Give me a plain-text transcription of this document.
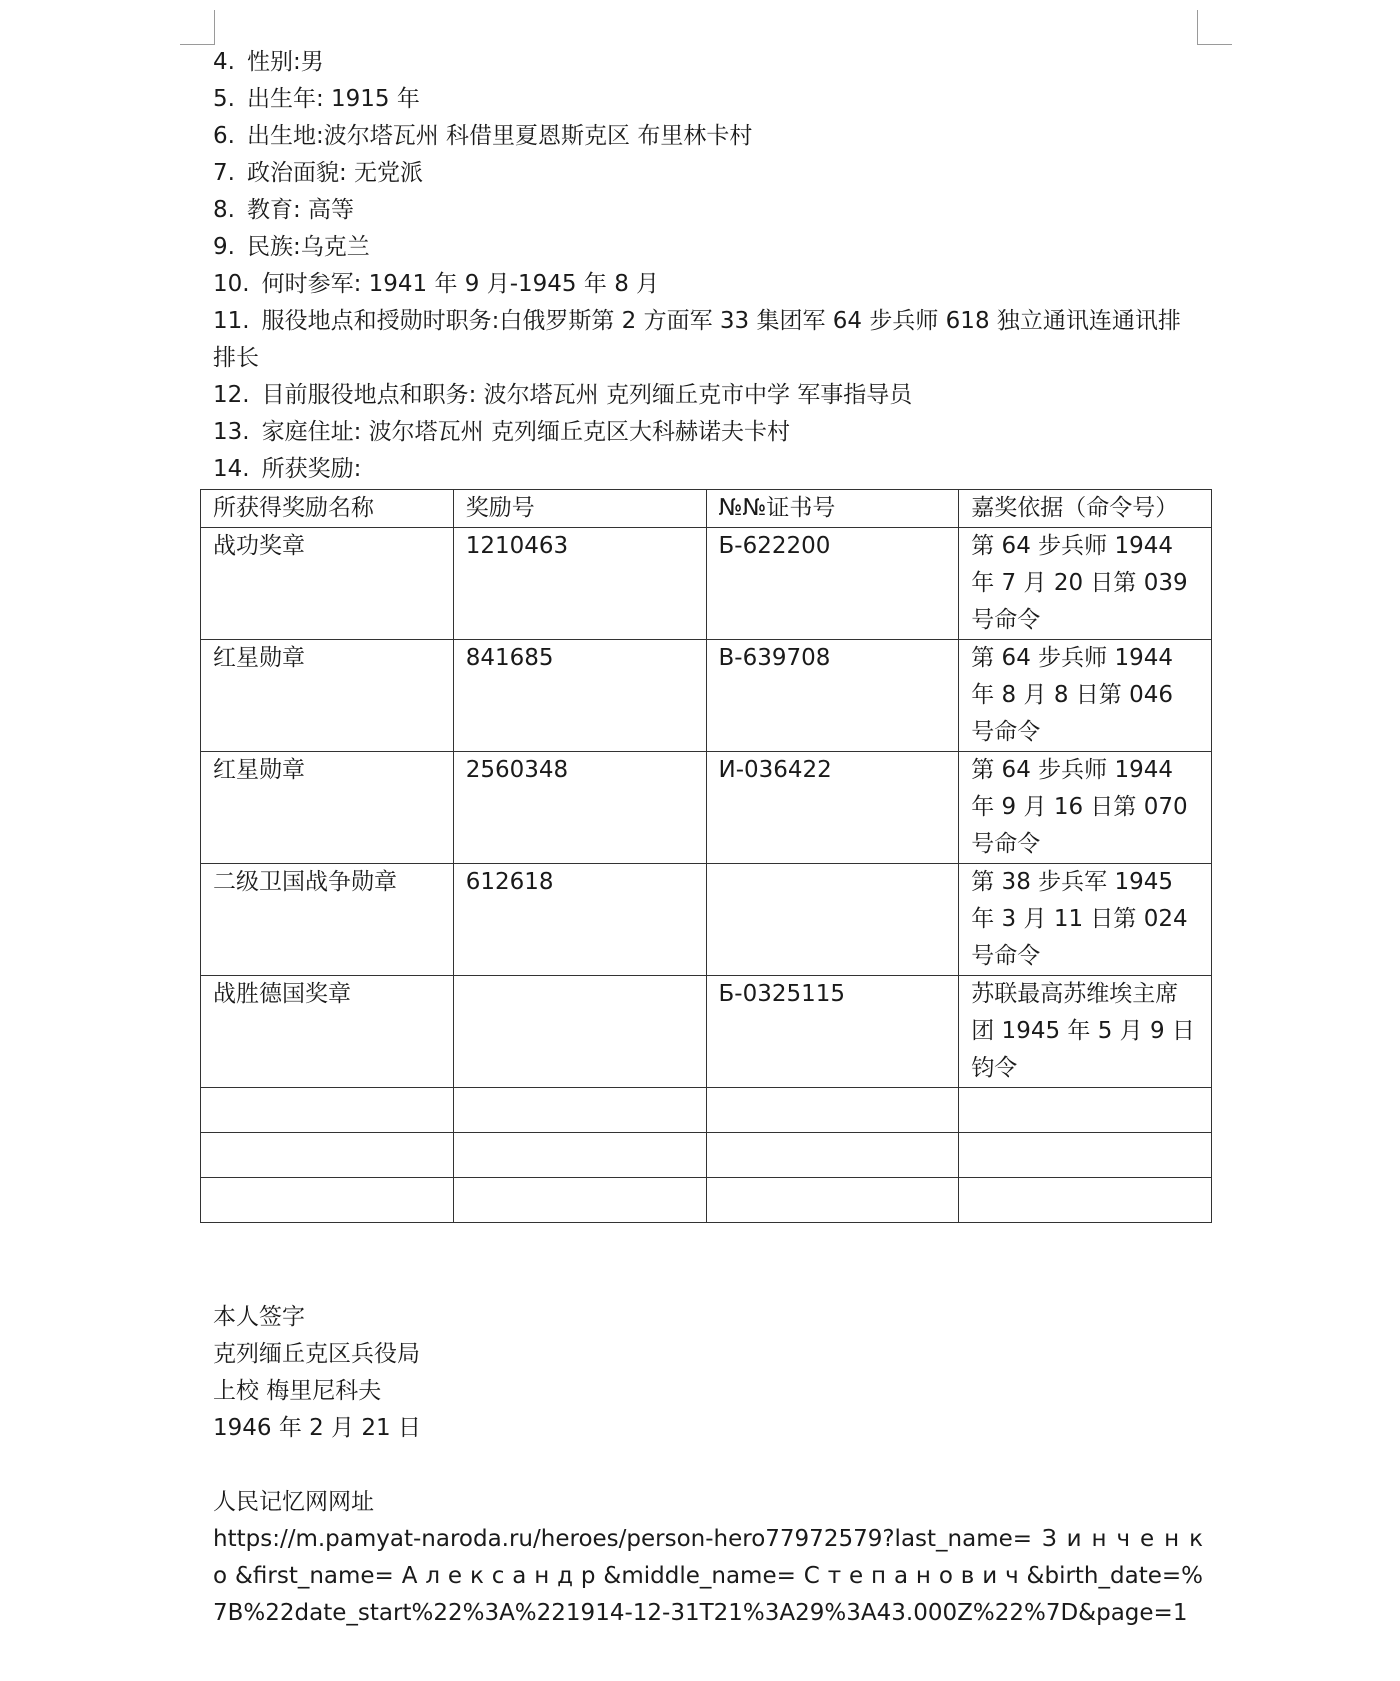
4. 性别:男
5. 出生年: 1915 年
6. 出生地:波尔塔瓦州 科借里夏恩斯克区 布里林卡村
7. 政治面貌: 无党派
8. 教育: 高等
9. 民族:乌克兰
10. 何时参军: 1941 年 9 月-1945 年 8 月
11. 服役地点和授勋时职务:白俄罗斯第 2 方面军 33 集团军 64 步兵师 618 独立通讯连通讯排排长
12. 目前服役地点和职务: 波尔塔瓦州 克列缅丘克市中学 军事指导员
13. 家庭住址: 波尔塔瓦州 克列缅丘克区大科赫诺夫卡村
14. 所获奖励:
所获得奖励名称	奖励号	№№证书号	嘉奖依据（命令号）
战功奖章	1210463	Б-622200	第 64 步兵师 1944 年 7 月 20 日第 039 号命令
红星勋章	841685	В-639708	第 64 步兵师 1944 年 8 月 8 日第 046 号命令
红星勋章	2560348	И-036422	第 64 步兵师 1944 年 9 月 16 日第 070 号命令
二级卫国战争勋章	612618		第 38 步兵军 1945 年 3 月 11 日第 024 号命令
战胜德国奖章		Б-0325115	苏联最高苏维埃主席团 1945 年 5 月 9 日钧令

本人签字
克列缅丘克区兵役局
上校 梅里尼科夫
1946 年 2 月 21 日
人民记忆网网址
https://m.pamyat-naroda.ru/heroes/person-hero77972579?last_name= З и н ч е н к о &first_name= А л е к с а н д р &middle_name= С т е п а н о в и ч &birth_date=%7B%22date_start%22%3A%221914-12-31T21%3A29%3A43.000Z%22%7D&page=1
